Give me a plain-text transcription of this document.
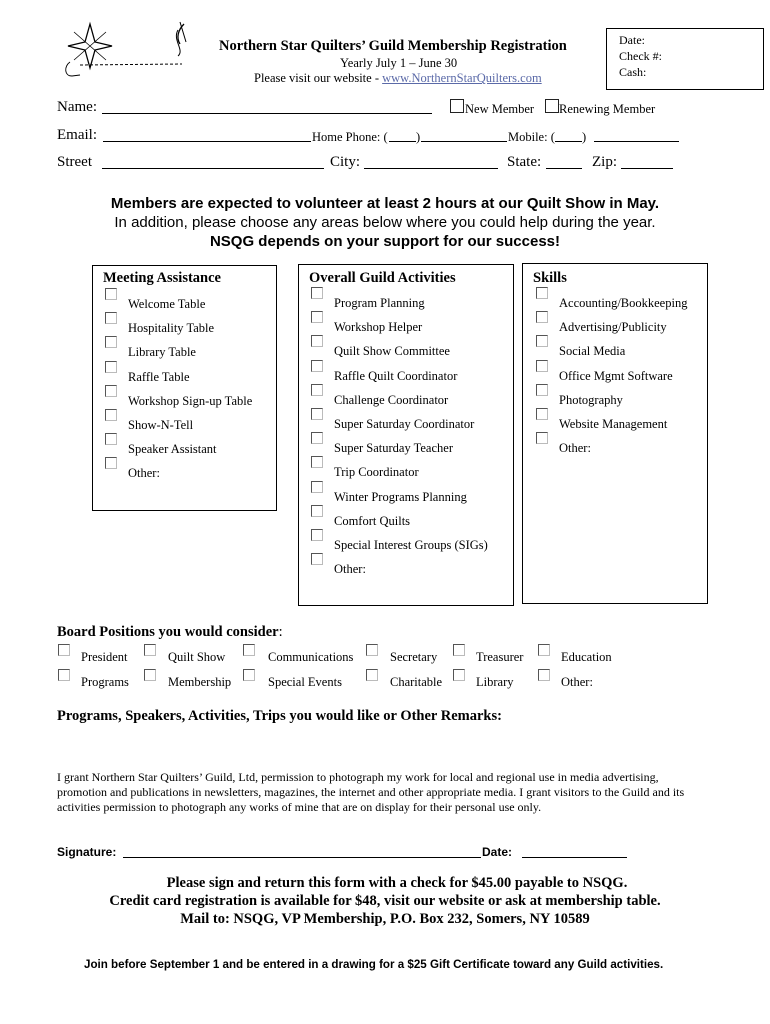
Northern Star Quilters’ Guild Membership Registration
Yearly July 1 – June 30
Please visit our website - www.NorthernStarQuilters.com
Date:
Check #:
Cash:
Name:	New Member Renewing Member
Email:	Home Phone: ( )	Mobile: ( )
Street	City:	State:	Zip:
Members are expected to volunteer at least 2 hours at our Quilt Show in May.
In addition, please choose any areas below where you could help during the year.
NSQG depends on your support for our success!
Meeting Assistance
Welcome Table
Hospitality Table
Library Table
Raffle Table
Workshop Sign-up Table
Show-N-Tell
Speaker Assistant
Other:
Overall Guild Activities
Program Planning
Workshop Helper
Quilt Show Committee
Raffle Quilt Coordinator
Challenge Coordinator
Super Saturday Coordinator
Super Saturday Teacher
Trip Coordinator
Winter Programs Planning
Comfort Quilts
Special Interest Groups (SIGs)
Other:
Skills
Accounting/Bookkeeping
Advertising/Publicity
Social Media
Office Mgmt Software
Photography
Website Management
Other:
Board Positions you would consider:
President	Quilt Show	Communications	Secretary	Treasurer	Education
Programs	Membership	Special Events	Charitable	Library	Other:
Programs, Speakers, Activities, Trips you would like or Other Remarks:
I grant Northern Star Quilters’ Guild, Ltd, permission to photograph my work for local and regional use in media advertising,
promotion and publications in newsletters, magazines, the internet and other appropriate media. I grant visitors to the Guild and its
activities permission to photograph any works of mine that are on display for their personal use only.
Signature:	Date:
Please sign and return this form with a check for $45.00 payable to NSQG.
Credit card registration is available for $48, visit our website or ask at membership table.
Mail to: NSQG, VP Membership, P.O. Box 232, Somers, NY 10589
Join before September 1 and be entered in a drawing for a $25 Gift Certificate toward any Guild activities.
